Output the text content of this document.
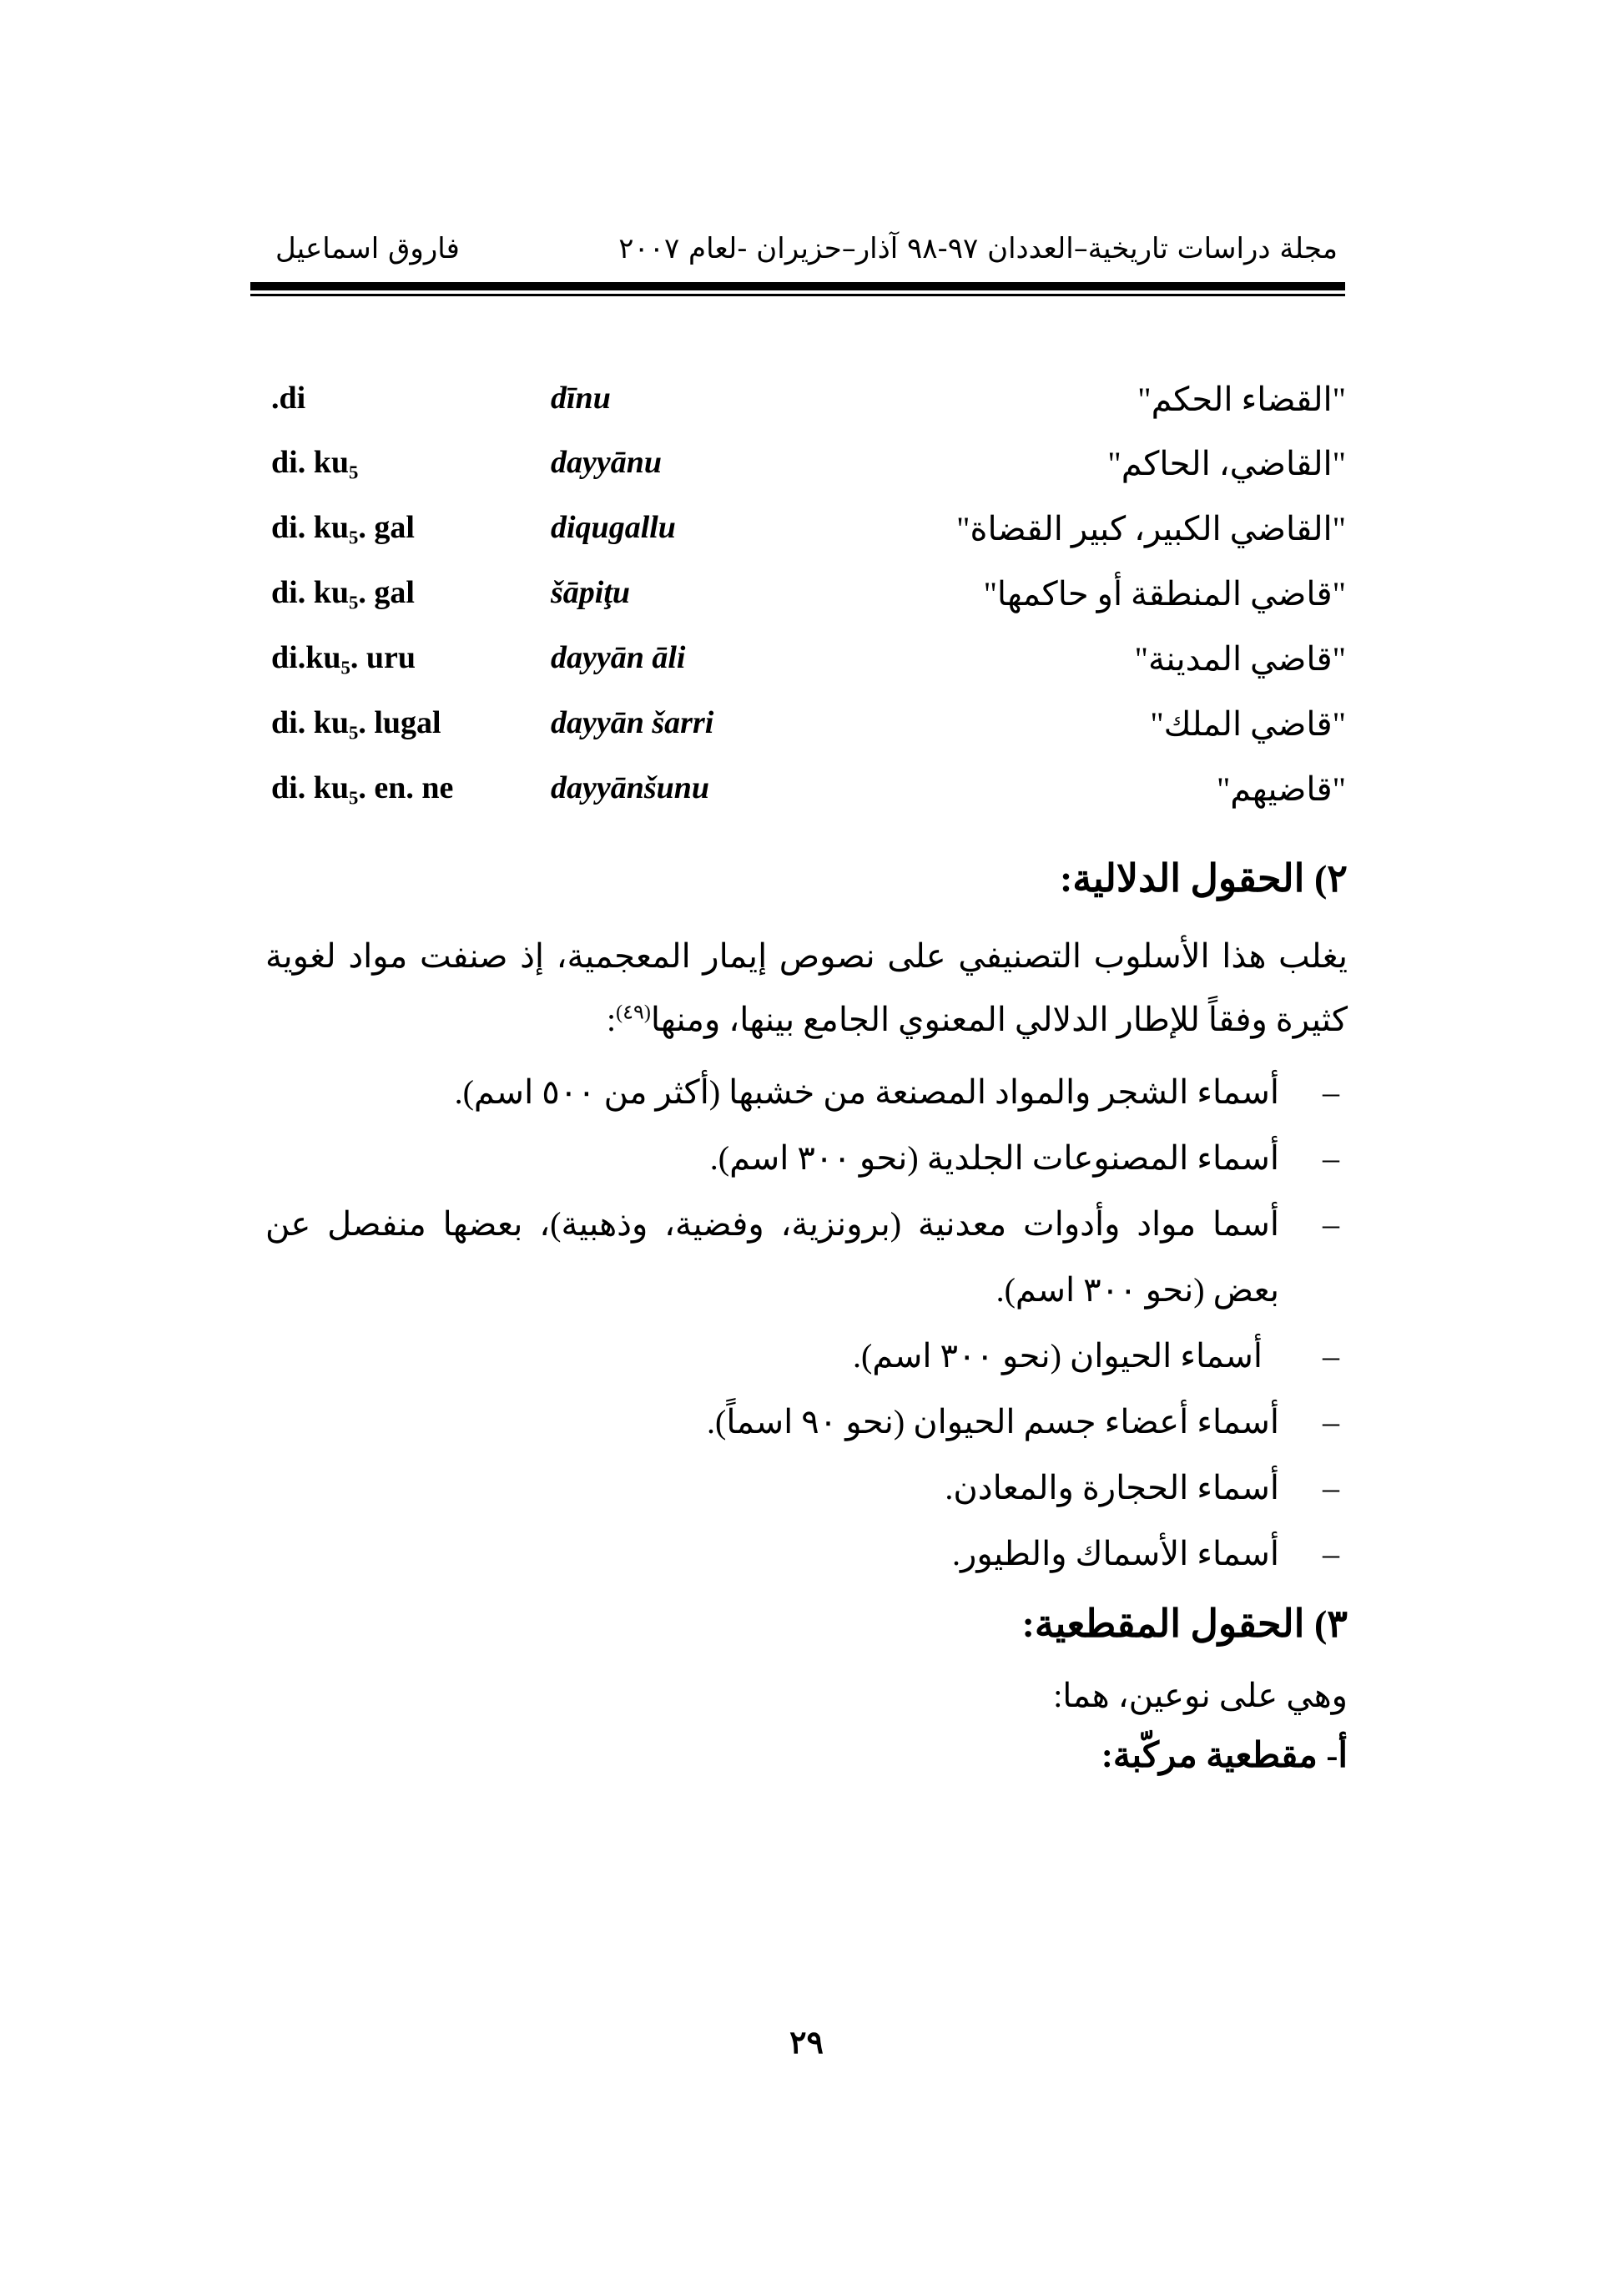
مجلة دراسات تاريخية–العددان ٩٧-٩٨ آذار–حزيران -لعام ٢٠٠٧
فاروق اسماعيل
.di	dīnu	"القضاء الحكم"
di. ku₅	dayyānu	"القاضي، الحاكم"
di. ku₅. gal	diqugallu	"القاضي الكبير، كبير القضاة"
di. ku₅. gal	šāpiţu	"قاضي المنطقة أو حاكمها"
di.ku₅. uru	dayyān āli	"قاضي المدينة"
di. ku₅. lugal	dayyān šarri	"قاضي الملك"
di. ku₅. en. ne	dayyānšunu	"قاضيهم"
٢) الحقول الدلالية:
يغلب هذا الأسلوب التصنيفي على نصوص إيمار المعجمية، إذ صنفت مواد لغوية
كثيرة وفقاً للإطار الدلالي المعنوي الجامع بينها، ومنها$^{(٤٩)}$:
–
أسماء الشجر والمواد المصنعة من خشبها (أكثر من ٥٠٠ اسم).
–
أسماء المصنوعات الجلدية (نحو ٣٠٠ اسم).
–
أسما مواد وأدوات معدنية (برونزية، وفضية، وذهبية)، بعضها منفصل عن
بعض (نحو ٣٠٠ اسم).
–
أسماء الحيوان (نحو ٣٠٠ اسم).
–
أسماء أعضاء جسم الحيوان (نحو ٩٠ اسماً).
–
أسماء الحجارة والمعادن.
–
أسماء الأسماك والطيور.
٣) الحقول المقطعية:
وهي على نوعين، هما:
أ- مقطعية مركّبة:
٢٩
